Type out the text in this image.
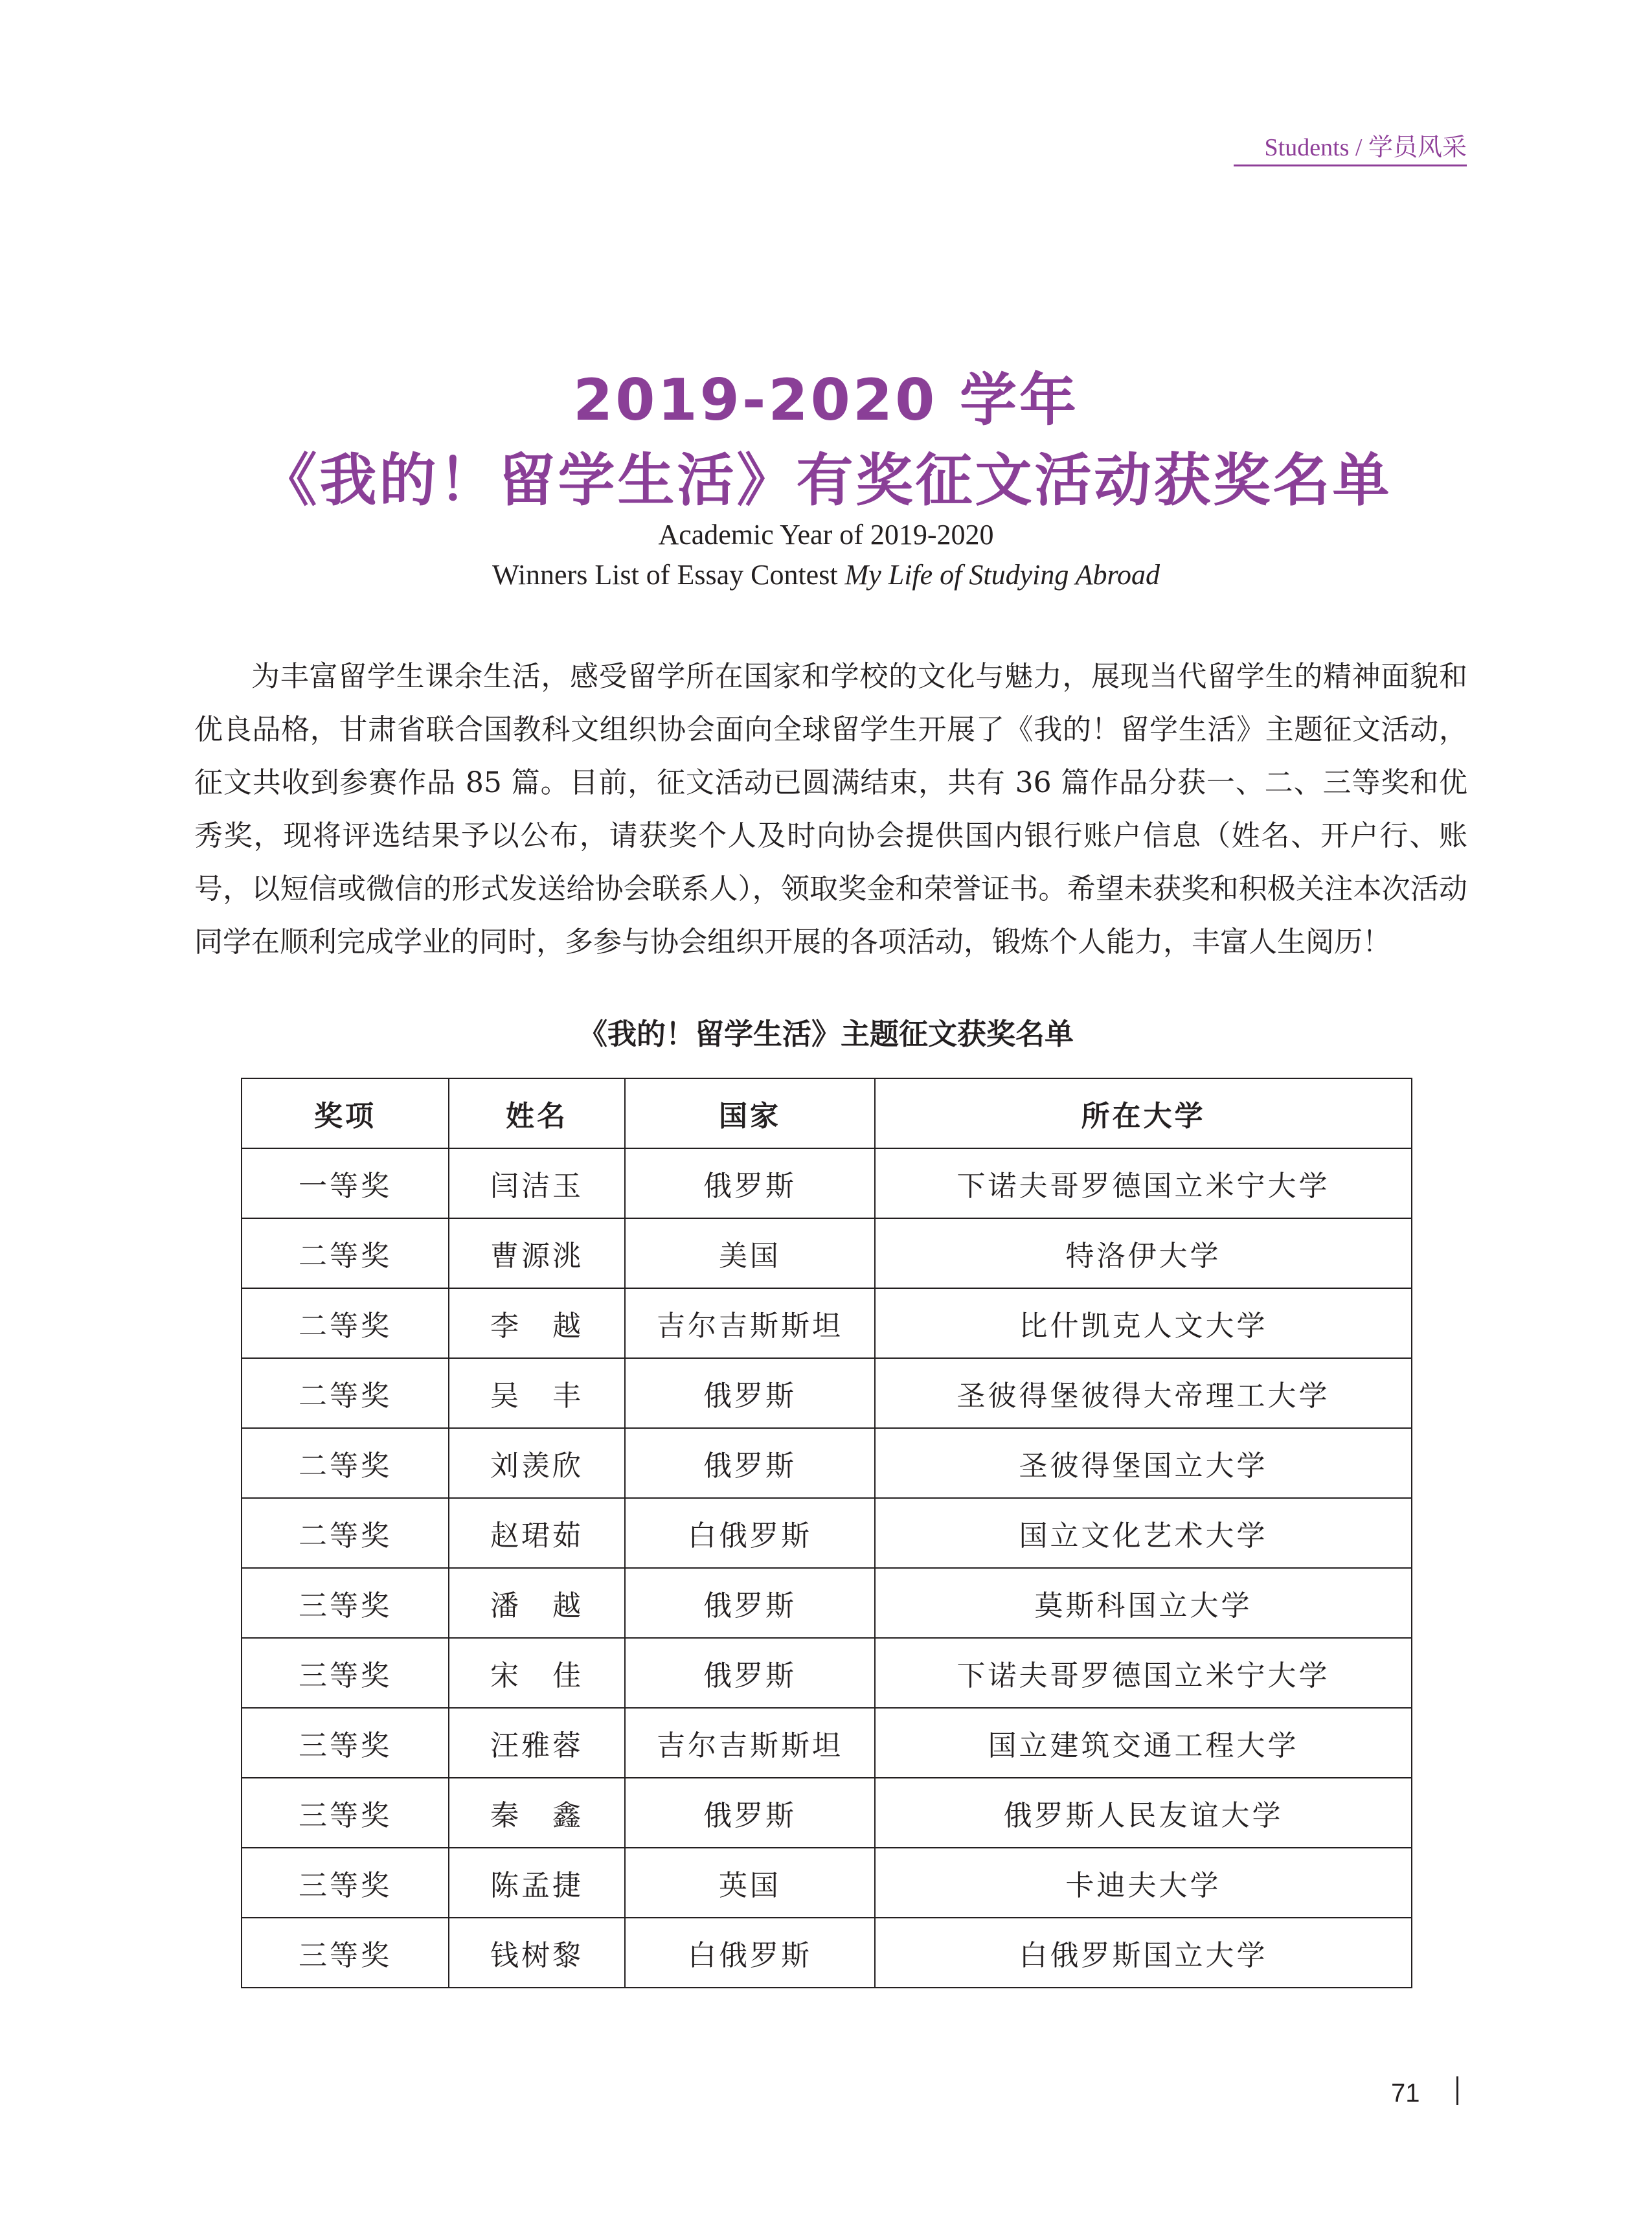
Students / 学员风采
2019-2020 学年
《我的！留学生活》有奖征文活动获奖名单
Academic Year of 2019-2020
Winners List of Essay Contest My Life of Studying Abroad
为丰富留学生课余生活，感受留学所在国家和学校的文化与魅力，展现当代留学生的精神面貌和优良品格，甘肃省联合国教科文组织协会面向全球留学生开展了《我的！留学生活》主题征文活动，征文共收到参赛作品 85 篇。目前，征文活动已圆满结束，共有 36 篇作品分获一、二、三等奖和优秀奖，现将评选结果予以公布，请获奖个人及时向协会提供国内银行账户信息（姓名、开户行、账号，以短信或微信的形式发送给协会联系人），领取奖金和荣誉证书。希望未获奖和积极关注本次活动同学在顺利完成学业的同时，多参与协会组织开展的各项活动，锻炼个人能力，丰富人生阅历！
《我的！留学生活》主题征文获奖名单
奖项	姓名	国家	所在大学
一等奖	闫洁玉	俄罗斯	下诺夫哥罗德国立米宁大学
二等奖	曹源洮	美国	特洛伊大学
二等奖	李　越	吉尔吉斯斯坦	比什凯克人文大学
二等奖	吴　丰	俄罗斯	圣彼得堡彼得大帝理工大学
二等奖	刘羡欣	俄罗斯	圣彼得堡国立大学
二等奖	赵珺茹	白俄罗斯	国立文化艺术大学
三等奖	潘　越	俄罗斯	莫斯科国立大学
三等奖	宋　佳	俄罗斯	下诺夫哥罗德国立米宁大学
三等奖	汪雅蓉	吉尔吉斯斯坦	国立建筑交通工程大学
三等奖	秦　鑫	俄罗斯	俄罗斯人民友谊大学
三等奖	陈孟捷	英国	卡迪夫大学
三等奖	钱树黎	白俄罗斯	白俄罗斯国立大学
71
